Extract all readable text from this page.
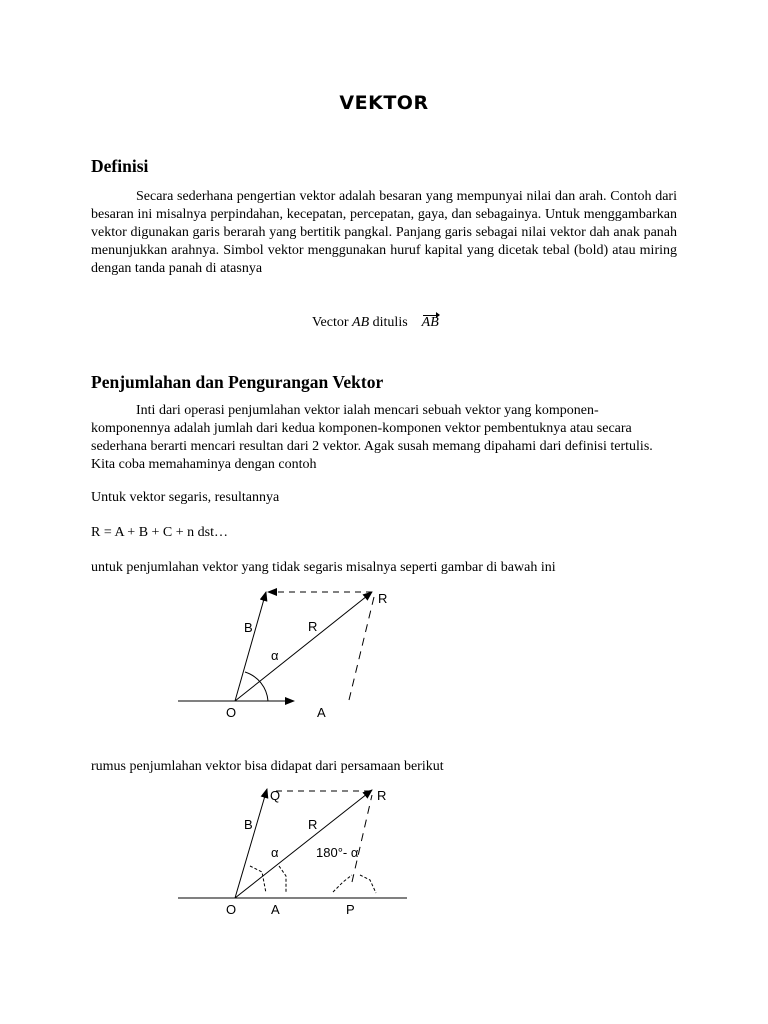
VEKTOR
Definisi
Secara sederhana pengertian vektor adalah besaran yang mempunyai nilai dan arah. Contoh dari besaran ini misalnya perpindahan, kecepatan, percepatan, gaya, dan sebagainya. Untuk menggambarkan vektor digunakan garis berarah yang bertitik pangkal. Panjang garis sebagai nilai vektor dah anak panah menunjukkan arahnya. Simbol vektor menggunakan huruf kapital yang dicetak tebal (bold) atau miring dengan tanda panah di atasnya
Vector AB ditulis AB
Penjumlahan dan Pengurangan Vektor
Inti dari operasi penjumlahan vektor ialah mencari sebuah vektor yang komponen-komponennya adalah jumlah dari kedua komponen-komponen vektor pembentuknya atau secara sederhana berarti mencari resultan dari 2 vektor. Agak susah memang dipahami dari definisi tertulis. Kita coba memahaminya dengan contoh
Untuk vektor segaris, resultannya
R = A + B + C + n dst…
untuk penjumlahan vektor yang tidak segaris misalnya seperti gambar di bawah ini
R
B	R
α
O	A
Q	R
B	R
α	180°- α
O	A	P
rumus penjumlahan vektor bisa didapat dari persamaan berikut
